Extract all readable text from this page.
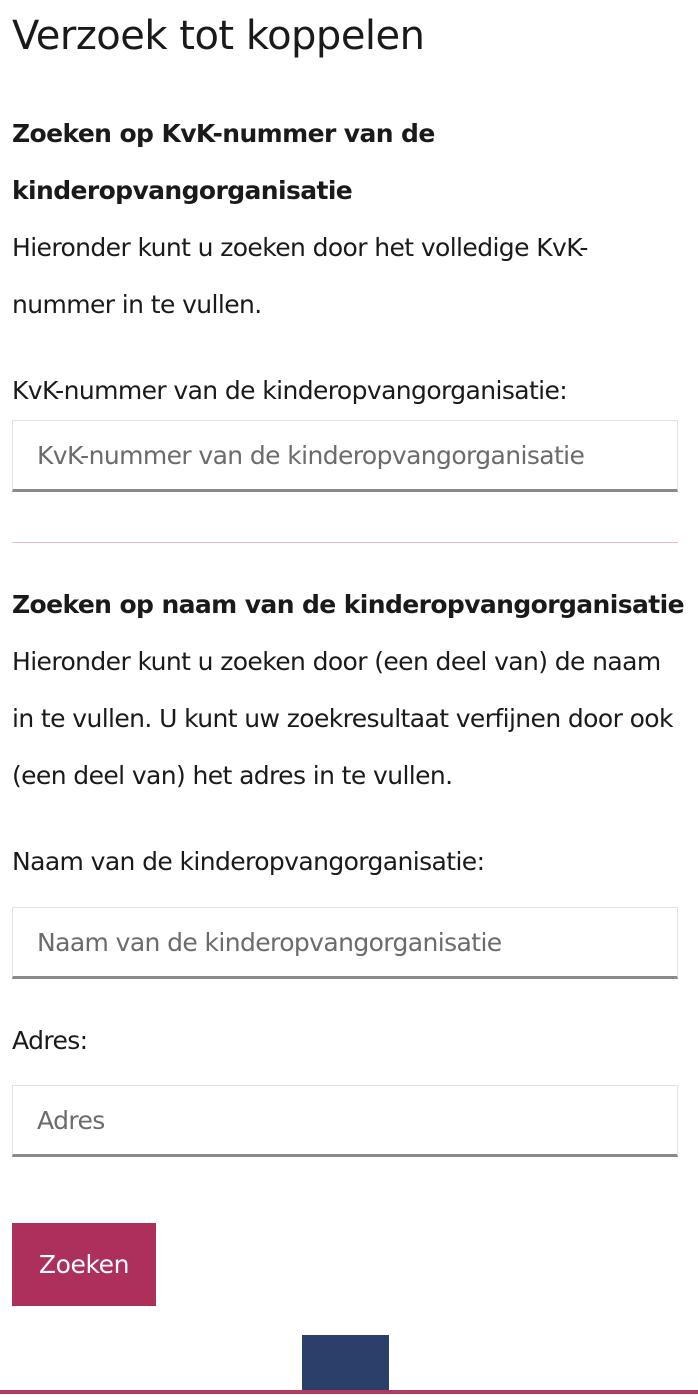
Verzoek tot koppelen
Zoeken op KvK-nummer van de kinderopvangorganisatie

Hieronder kunt u zoeken door het volledige KvK-nummer in te vullen.

KvK-nummer van de kinderopvangorganisatie:
KvK-nummer van de kinderopvangorganisatie
Zoeken op naam van de kinderopvangorganisatie

Hieronder kunt u zoeken door (een deel van) de naam in te vullen. U kunt uw zoekresultaat verfijnen door ook (een deel van) het adres in te vullen.

Naam van de kinderopvangorganisatie:
Naam van de kinderopvangorganisatie
Adres:
Adres
Zoeken
